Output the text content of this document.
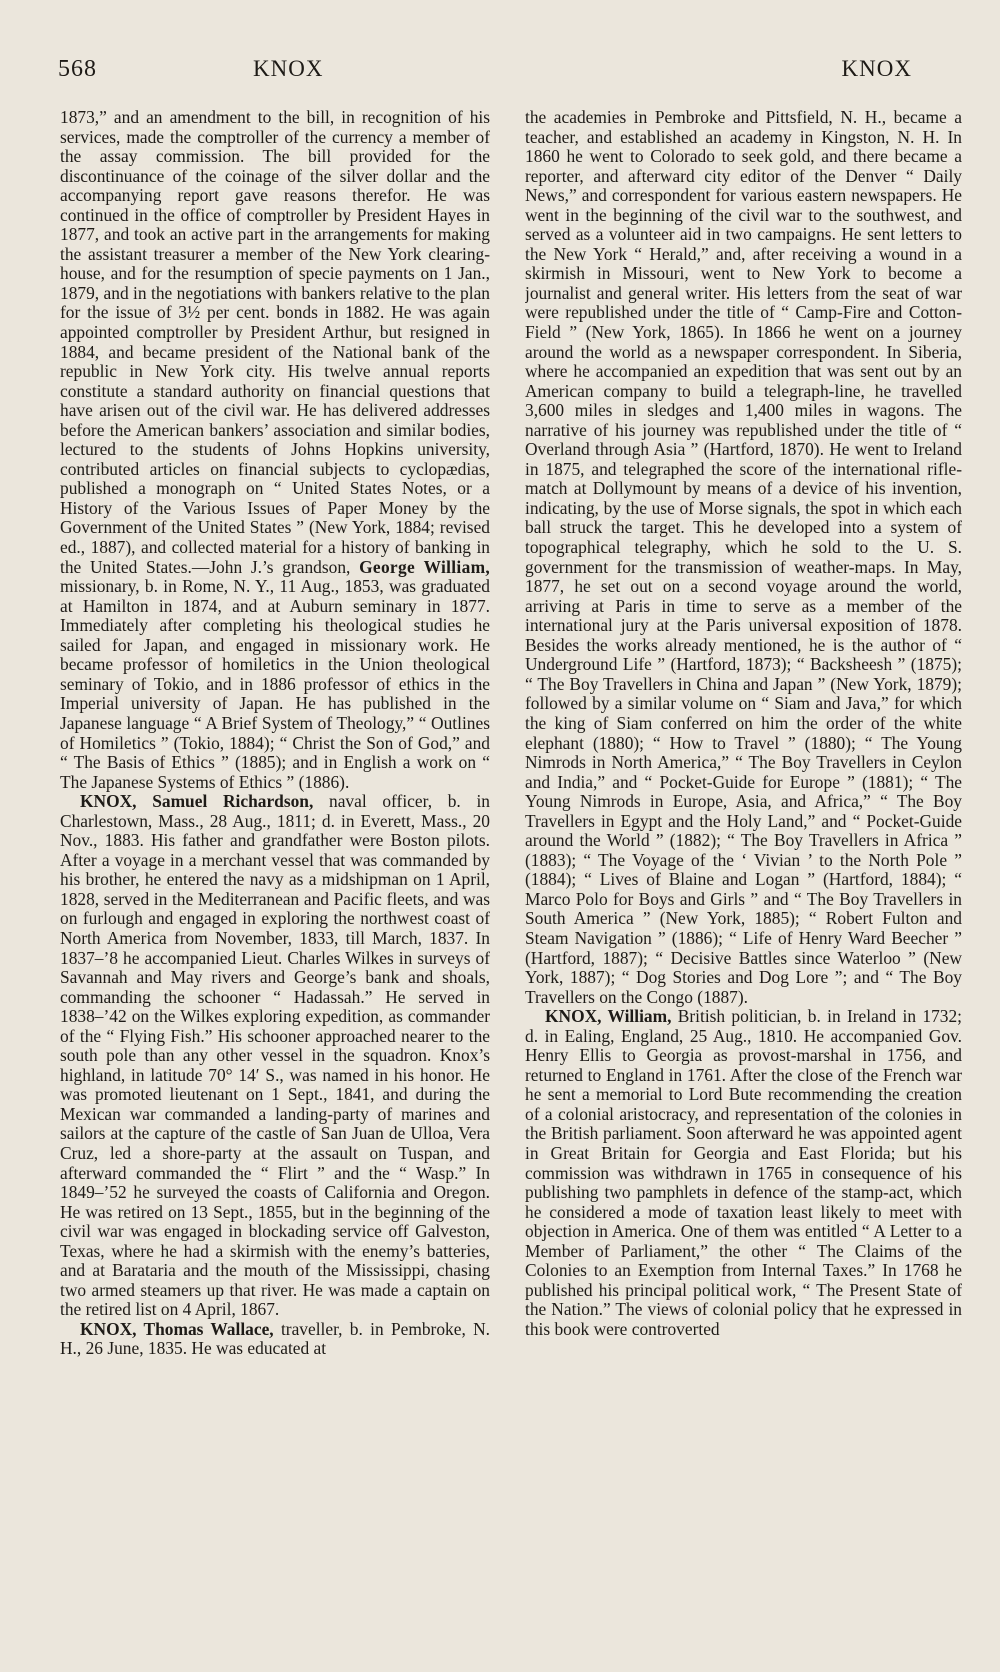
568	KNOX	KNOX

1873,” and an amendment to the bill, in recognition of his services, made the comptroller of the currency a member of the assay commission. The bill provided for the discontinuance of the coinage of the silver dollar and the accompanying report gave reasons therefor. He was continued in the office of comptroller by President Hayes in 1877, and took an active part in the arrangements for making the assistant treasurer a member of the New York clearing-house, and for the resumption of specie payments on 1 Jan., 1879, and in the negotiations with bankers relative to the plan for the issue of 3½ per cent. bonds in 1882. He was again appointed comptroller by President Arthur, but resigned in 1884, and became president of the National bank of the republic in New York city. His twelve annual reports constitute a standard authority on financial questions that have arisen out of the civil war. He has delivered addresses before the American bankers’ association and similar bodies, lectured to the students of Johns Hopkins university, contributed articles on financial subjects to cyclopædias, published a monograph on “ United States Notes, or a History of the Various Issues of Paper Money by the Government of the United States ” (New York, 1884; revised ed., 1887), and collected material for a history of banking in the United States.—John J.’s grandson, George William, missionary, b. in Rome, N. Y., 11 Aug., 1853, was graduated at Hamilton in 1874, and at Auburn seminary in 1877. Immediately after completing his theological studies he sailed for Japan, and engaged in missionary work. He became professor of homiletics in the Union theological seminary of Tokio, and in 1886 professor of ethics in the Imperial university of Japan. He has published in the Japanese language “ A Brief System of Theology,” “ Outlines of Homiletics ” (Tokio, 1884); “ Christ the Son of God,” and “ The Basis of Ethics ” (1885); and in English a work on “ The Japanese Systems of Ethics ” (1886).

KNOX, Samuel Richardson, naval officer, b. in Charlestown, Mass., 28 Aug., 1811; d. in Everett, Mass., 20 Nov., 1883. His father and grandfather were Boston pilots. After a voyage in a merchant vessel that was commanded by his brother, he entered the navy as a midshipman on 1 April, 1828, served in the Mediterranean and Pacific fleets, and was on furlough and engaged in exploring the northwest coast of North America from November, 1833, till March, 1837. In 1837–’8 he accompanied Lieut. Charles Wilkes in surveys of Savannah and May rivers and George’s bank and shoals, commanding the schooner “ Hadassah.” He served in 1838–’42 on the Wilkes exploring expedition, as commander of the “ Flying Fish.” His schooner approached nearer to the south pole than any other vessel in the squadron. Knox’s highland, in latitude 70° 14′ S., was named in his honor. He was promoted lieutenant on 1 Sept., 1841, and during the Mexican war commanded a landing-party of marines and sailors at the capture of the castle of San Juan de Ulloa, Vera Cruz, led a shore-party at the assault on Tuspan, and afterward commanded the “ Flirt ” and the “ Wasp.” In 1849–’52 he surveyed the coasts of California and Oregon. He was retired on 13 Sept., 1855, but in the beginning of the civil war was engaged in blockading service off Galveston, Texas, where he had a skirmish with the enemy’s batteries, and at Barataria and the mouth of the Mississippi, chasing two armed steamers up that river. He was made a captain on the retired list on 4 April, 1867.

KNOX, Thomas Wallace, traveller, b. in Pembroke, N. H., 26 June, 1835. He was educated at

the academies in Pembroke and Pittsfield, N. H., became a teacher, and established an academy in Kingston, N. H. In 1860 he went to Colorado to seek gold, and there became a reporter, and afterward city editor of the Denver “ Daily News,” and correspondent for various eastern newspapers. He went in the beginning of the civil war to the southwest, and served as a volunteer aid in two campaigns. He sent letters to the New York “ Herald,” and, after receiving a wound in a skirmish in Missouri, went to New York to become a journalist and general writer. His letters from the seat of war were republished under the title of “ Camp-Fire and Cotton-Field ” (New York, 1865). In 1866 he went on a journey around the world as a newspaper correspondent. In Siberia, where he accompanied an expedition that was sent out by an American company to build a telegraph-line, he travelled 3,600 miles in sledges and 1,400 miles in wagons. The narrative of his journey was republished under the title of “ Overland through Asia ” (Hartford, 1870). He went to Ireland in 1875, and telegraphed the score of the international rifle-match at Dollymount by means of a device of his invention, indicating, by the use of Morse signals, the spot in which each ball struck the target. This he developed into a system of topographical telegraphy, which he sold to the U. S. government for the transmission of weather-maps. In May, 1877, he set out on a second voyage around the world, arriving at Paris in time to serve as a member of the international jury at the Paris universal exposition of 1878. Besides the works already mentioned, he is the author of “ Underground Life ” (Hartford, 1873); “ Backsheesh ” (1875); “ The Boy Travellers in China and Japan ” (New York, 1879); followed by a similar volume on “ Siam and Java,” for which the king of Siam conferred on him the order of the white elephant (1880); “ How to Travel ” (1880); “ The Young Nimrods in North America,” “ The Boy Travellers in Ceylon and India,” and “ Pocket-Guide for Europe ” (1881); “ The Young Nimrods in Europe, Asia, and Africa,” “ The Boy Travellers in Egypt and the Holy Land,” and “ Pocket-Guide around the World ” (1882); “ The Boy Travellers in Africa ” (1883); “ The Voyage of the ‘ Vivian ’ to the North Pole ” (1884); “ Lives of Blaine and Logan ” (Hartford, 1884); “ Marco Polo for Boys and Girls ” and “ The Boy Travellers in South America ” (New York, 1885); “ Robert Fulton and Steam Navigation ” (1886); “ Life of Henry Ward Beecher ” (Hartford, 1887); “ Decisive Battles since Waterloo ” (New York, 1887); “ Dog Stories and Dog Lore ”; and “ The Boy Travellers on the Congo (1887).

KNOX, William, British politician, b. in Ireland in 1732; d. in Ealing, England, 25 Aug., 1810. He accompanied Gov. Henry Ellis to Georgia as provost-marshal in 1756, and returned to England in 1761. After the close of the French war he sent a memorial to Lord Bute recommending the creation of a colonial aristocracy, and representation of the colonies in the British parliament. Soon afterward he was appointed agent in Great Britain for Georgia and East Florida; but his commission was withdrawn in 1765 in consequence of his publishing two pamphlets in defence of the stamp-act, which he considered a mode of taxation least likely to meet with objection in America. One of them was entitled “ A Letter to a Member of Parliament,” the other “ The Claims of the Colonies to an Exemption from Internal Taxes.” In 1768 he published his principal political work, “ The Present State of the Nation.” The views of colonial policy that he expressed in this book were controverted
